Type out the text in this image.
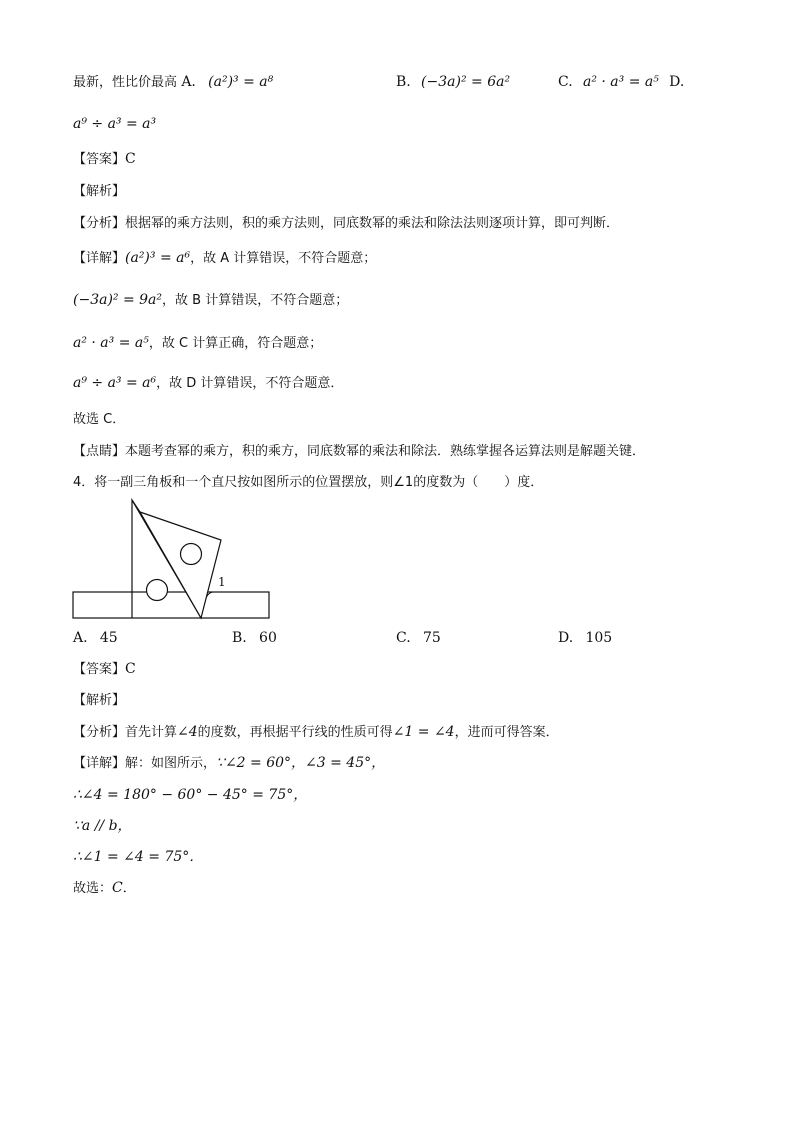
最新，性比价最高 A. (a²)³ = a⁸	B. (−3a)² = 6a²	C. a² · a³ = a⁵ D.
a⁹ ÷ a³ = a³
【答案】C
【解析】
【分析】根据幂的乘方法则，积的乘方法则，同底数幂的乘法和除法法则逐项计算，即可判断．
【详解】(a²)³ = a⁶，故 A 计算错误，不符合题意；
(−3a)² = 9a²，故 B 计算错误，不符合题意；
a² · a³ = a⁵，故 C 计算正确，符合题意；
a⁹ ÷ a³ = a⁶，故 D 计算错误，不符合题意．
故选 C．
【点睛】本题考查幂的乘方，积的乘方，同底数幂的乘法和除法．熟练掌握各运算法则是解题关键．
4．将一副三角板和一个直尺按如图所示的位置摆放，则∠1的度数为（　　）度．
1
A. 45	B. 60	C. 75	D. 105
【答案】C
【解析】
【分析】首先计算∠4的度数，再根据平行线的性质可得∠1 = ∠4，进而可得答案．
【详解】解：如图所示，∵∠2 = 60°，∠3 = 45°，
∴∠4 = 180° − 60° − 45° = 75°，
∵a // b，
∴∠1 = ∠4 = 75°．
故选：C．
